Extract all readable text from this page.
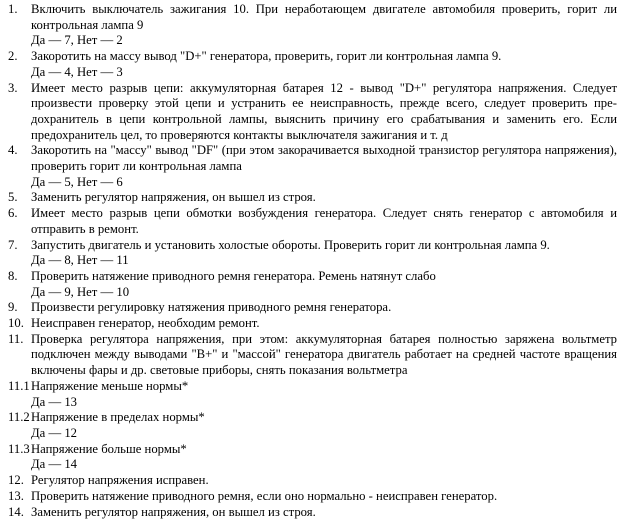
1.	Включить выключатель зажигания 10. При неработающем двигателе автомобиля проверить, горит ли контрольная лампа 9
Да — 7, Нет — 2
2.	Закоротить на массу вывод "D+" генератора, проверить, горит ли контрольная лампа 9.
Да — 4, Нет — 3
3.	Имеет место разрыв цепи: аккумуляторная батарея 12 - вывод "D+" регулятора напряжения. Следует произвести проверку этой цепи и устранить ее неисправность, прежде всего, следует проверить предохранитель в цепи контрольной лампы, выяснить причину его срабатывания и заменить его. Если предохранитель цел, то проверяются контакты выключателя зажигания и т. д
4.	Закоротить на "массу" вывод "DF" (при этом закорачивается выходной транзистор регулятора напряжения), проверить горит ли контрольная лампа
Да — 5, Нет — 6
5.	Заменить регулятор напряжения, он вышел из строя.
6.	Имеет место разрыв цепи обмотки возбуждения генератора. Следует снять генератор с автомобиля и отправить в ремонт.
7.	Запустить двигатель и установить холостые обороты. Проверить горит ли контрольная лампа 9.
Да — 8, Нет — 11
8.	Проверить натяжение приводного ремня генератора. Ремень натянут слабо
Да — 9, Нет — 10
9.	Произвести регулировку натяжения приводного ремня генератора.
10. Неисправен генератор, необходим ремонт.
11. Проверка регулятора напряжения, при этом: аккумуляторная батарея полностью заряжена вольтметр подключен между выводами "B+" и "массой" генератора двигатель работает на средней частоте вращения включены фары и др. световые приборы, снять показания вольтметра
11.1 Напряжение меньше нормы*
Да — 13
11.2 Напряжение в пределах нормы*
Да — 12
11.3 Напряжение больше нормы*
Да — 14
12. Регулятор напряжения исправен.
13. Проверить натяжение приводного ремня, если оно нормально - неисправен генератор.
14. Заменить регулятор напряжения, он вышел из строя.
